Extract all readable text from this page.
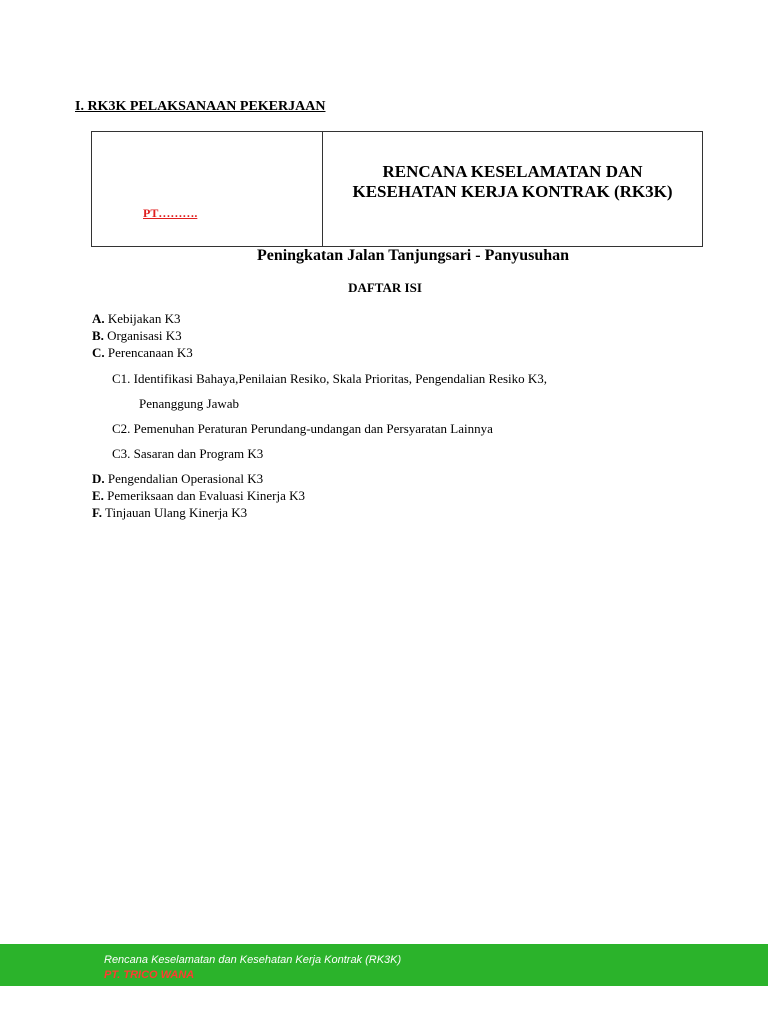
I. RK3K PELAKSANAAN PEKERJAAN
PT……….
RENCANA KESELAMATAN DAN
KESEHATAN KERJA KONTRAK (RK3K)
Peningkatan Jalan Tanjungsari - Panyusuhan
DAFTAR ISI
A. Kebijakan K3
B. Organisasi K3
C. Perencanaan K3
C1. Identifikasi Bahaya,Penilaian Resiko, Skala Prioritas, Pengendalian Resiko K3,
Penanggung Jawab
C2. Pemenuhan Peraturan Perundang-undangan dan Persyaratan Lainnya
C3. Sasaran dan Program K3
D. Pengendalian Operasional K3
E. Pemeriksaan dan Evaluasi Kinerja K3
F. Tinjauan Ulang Kinerja K3
Rencana Keselamatan dan Kesehatan Kerja Kontrak (RK3K)
PT. TRICO WANA
